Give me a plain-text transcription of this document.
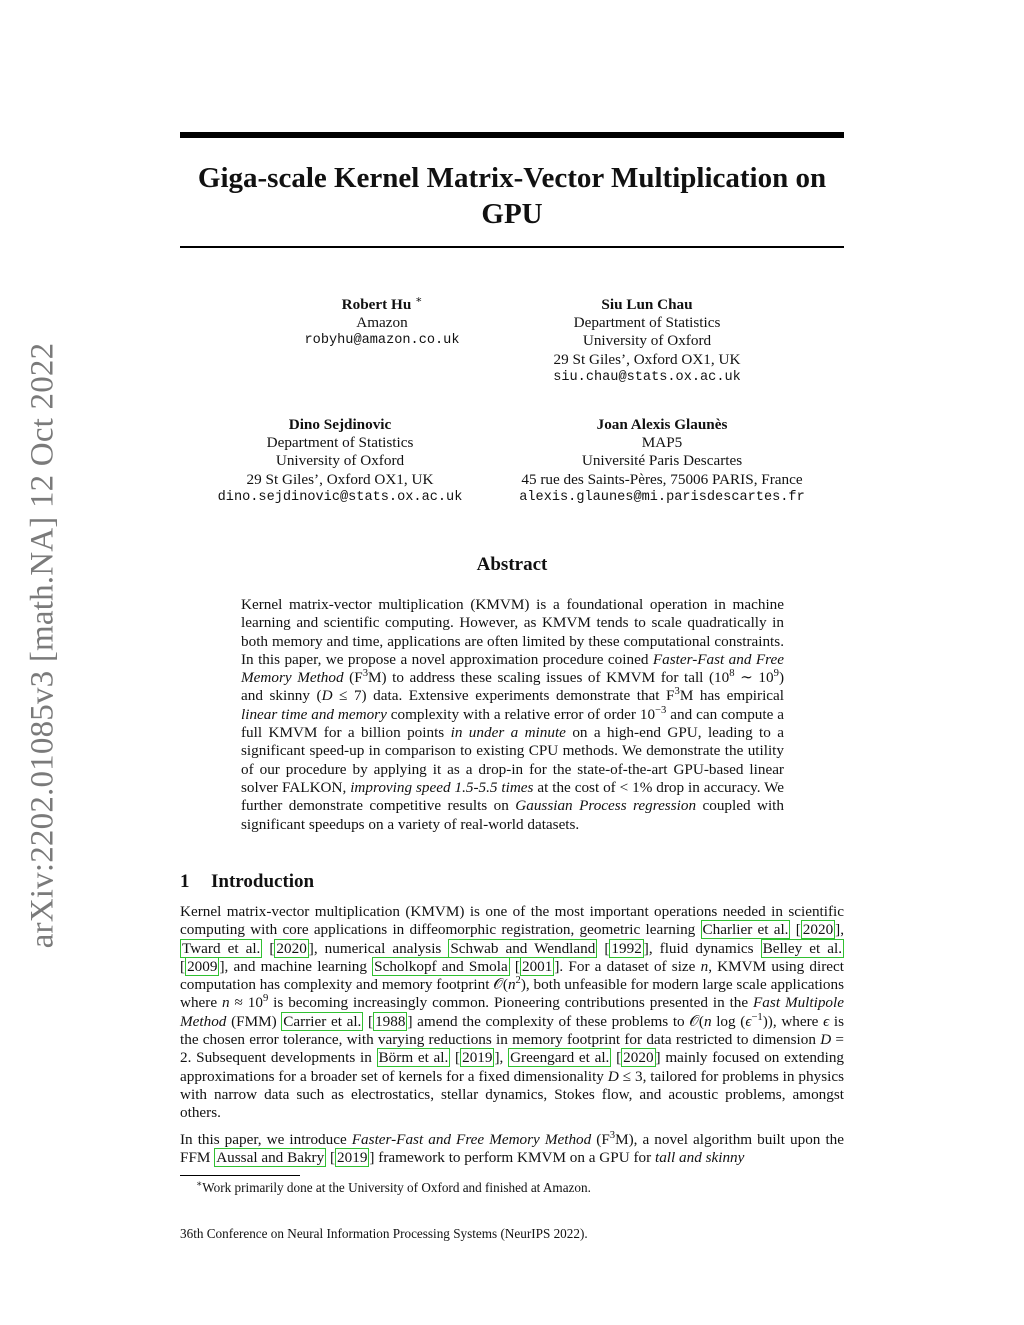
arXiv:2202.01085v3 [math.NA] 12 Oct 2022
Giga-scale Kernel Matrix-Vector Multiplication on GPU
Robert Hu ∗
Amazon
robyhu@amazon.co.uk
Siu Lun Chau
Department of Statistics
University of Oxford
29 St Giles’, Oxford OX1, UK
siu.chau@stats.ox.ac.uk
Dino Sejdinovic
Department of Statistics
University of Oxford
29 St Giles’, Oxford OX1, UK
dino.sejdinovic@stats.ox.ac.uk
Joan Alexis Glaunès
MAP5
Université Paris Descartes
45 rue des Saints-Pères, 75006 PARIS, France
alexis.glaunes@mi.parisdescartes.fr
Abstract
Kernel matrix-vector multiplication (KMVM) is a foundational operation in machine learning and scientific computing. However, as KMVM tends to scale quadratically in both memory and time, applications are often limited by these computational constraints. In this paper, we propose a novel approximation procedure coined Faster-Fast and Free Memory Method $(F^3M)$ to address these scaling issues of KMVM for tall ($10^8$ ∼ $10^9$) and skinny (D ≤ 7) data. Extensive experiments demonstrate that $F^3M$ has empirical linear time and memory complexity with a relative error of order $10^{-3}$ and can compute a full KMVM for a billion points in under a minute on a high-end GPU, leading to a significant speed-up in comparison to existing CPU methods. We demonstrate the utility of our procedure by applying it as a drop-in for the state-of-the-art GPU-based linear solver FALKON, improving speed 1.5-5.5 times at the cost of < 1% drop in accuracy. We further demonstrate competitive results on Gaussian Process regression coupled with significant speedups on a variety of real-world datasets.
1 Introduction
Kernel matrix-vector multiplication (KMVM) is one of the most important operations needed in scientific computing with core applications in diffeomorphic registration, geometric learning Charlier et al. [ 2020 ], Tward et al. [ 2020 ], numerical analysis Schwab and Wendland [ 1992 ], fluid dynamics Belley et al. [ 2009 ], and machine learning Scholkopf and Smola [ 2001 ]. For a dataset of size n, KMVM using direct computation has complexity and memory footprint $𝒪(n^2)$, both unfeasible for modern large scale applications where $n \approx 10^9$ is becoming increasingly common. Pioneering contributions presented in the Fast Multipole Method (FMM) Carrier et al. [ 1988 ] amend the complexity of these problems to 𝒪(n $\log (\epsilon^{-1})$), where ϵ is the chosen error tolerance, with varying reductions in memory footprint for data restricted to dimension D = 2. Subsequent developments in Börm et al. [ 2019 ], Greengard et al. [ 2020 ] mainly focused on extending approximations for a broader set of kernels for a fixed dimensionality D ≤ 3, tailored for problems in physics with narrow data such as electrostatics, stellar dynamics, Stokes flow, and acoustic problems, amongst others.
In this paper, we introduce Faster-Fast and Free Memory Method $(F^3M)$, a novel algorithm built upon the FFM Aussal and Bakry [ 2019 ] framework to perform KMVM on a GPU for tall and skinny
∗Work primarily done at the University of Oxford and finished at Amazon.
36th Conference on Neural Information Processing Systems (NeurIPS 2022).
